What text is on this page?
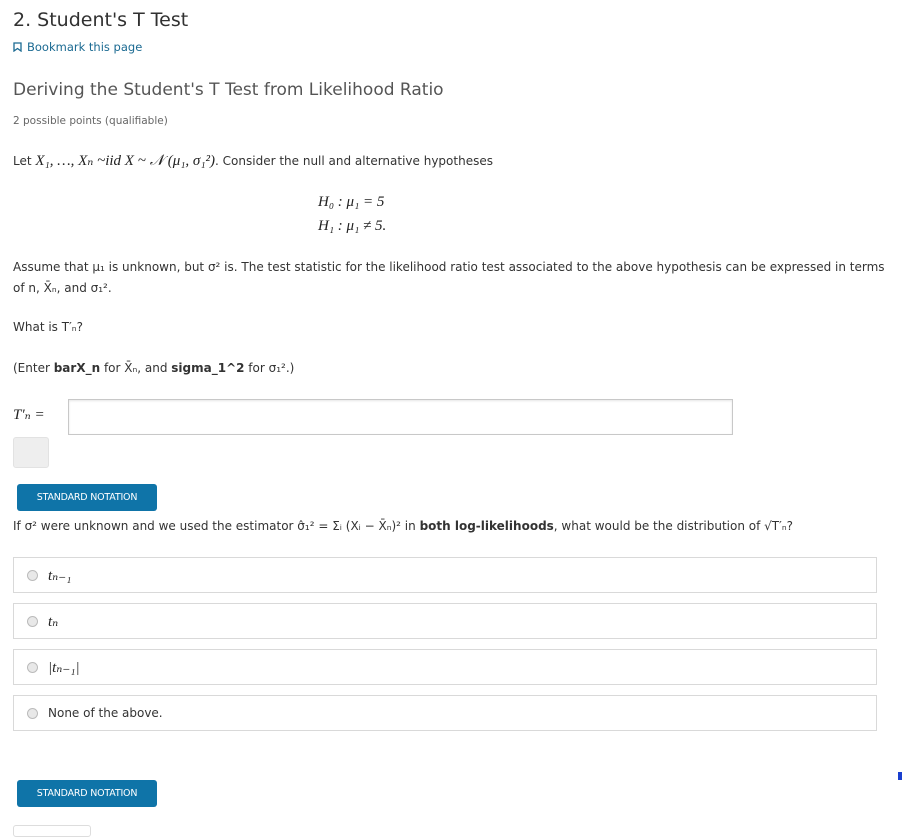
2. Student's T Test
Bookmark this page
Deriving the Student's T Test from Likelihood Ratio
2 possible points (qualifiable)
Let X₁, …, Xₙ ~iid X ~ 𝒩 (μ₁, σ₁²). Consider the null and alternative hypotheses
H₀ : μ₁ = 5
H₁ : μ₁ ≠ 5.
Assume that μ₁ is unknown, but σ² is. The test statistic for the likelihood ratio test associated to the above hypothesis can be expressed in terms
of n, X̄ₙ, and σ₁².
What is T′ₙ?
(Enter barX_n for X̄ₙ, and sigma_1^2 for σ₁².)
T′ₙ =
STANDARD NOTATION
If σ² were unknown and we used the estimator σ̂₁² = Σᵢ (Xᵢ − X̄ₙ)² in both log-likelihoods, what would be the distribution of √T′ₙ?
tₙ₋₁
tₙ
|tₙ₋₁|
None of the above.
STANDARD NOTATION
